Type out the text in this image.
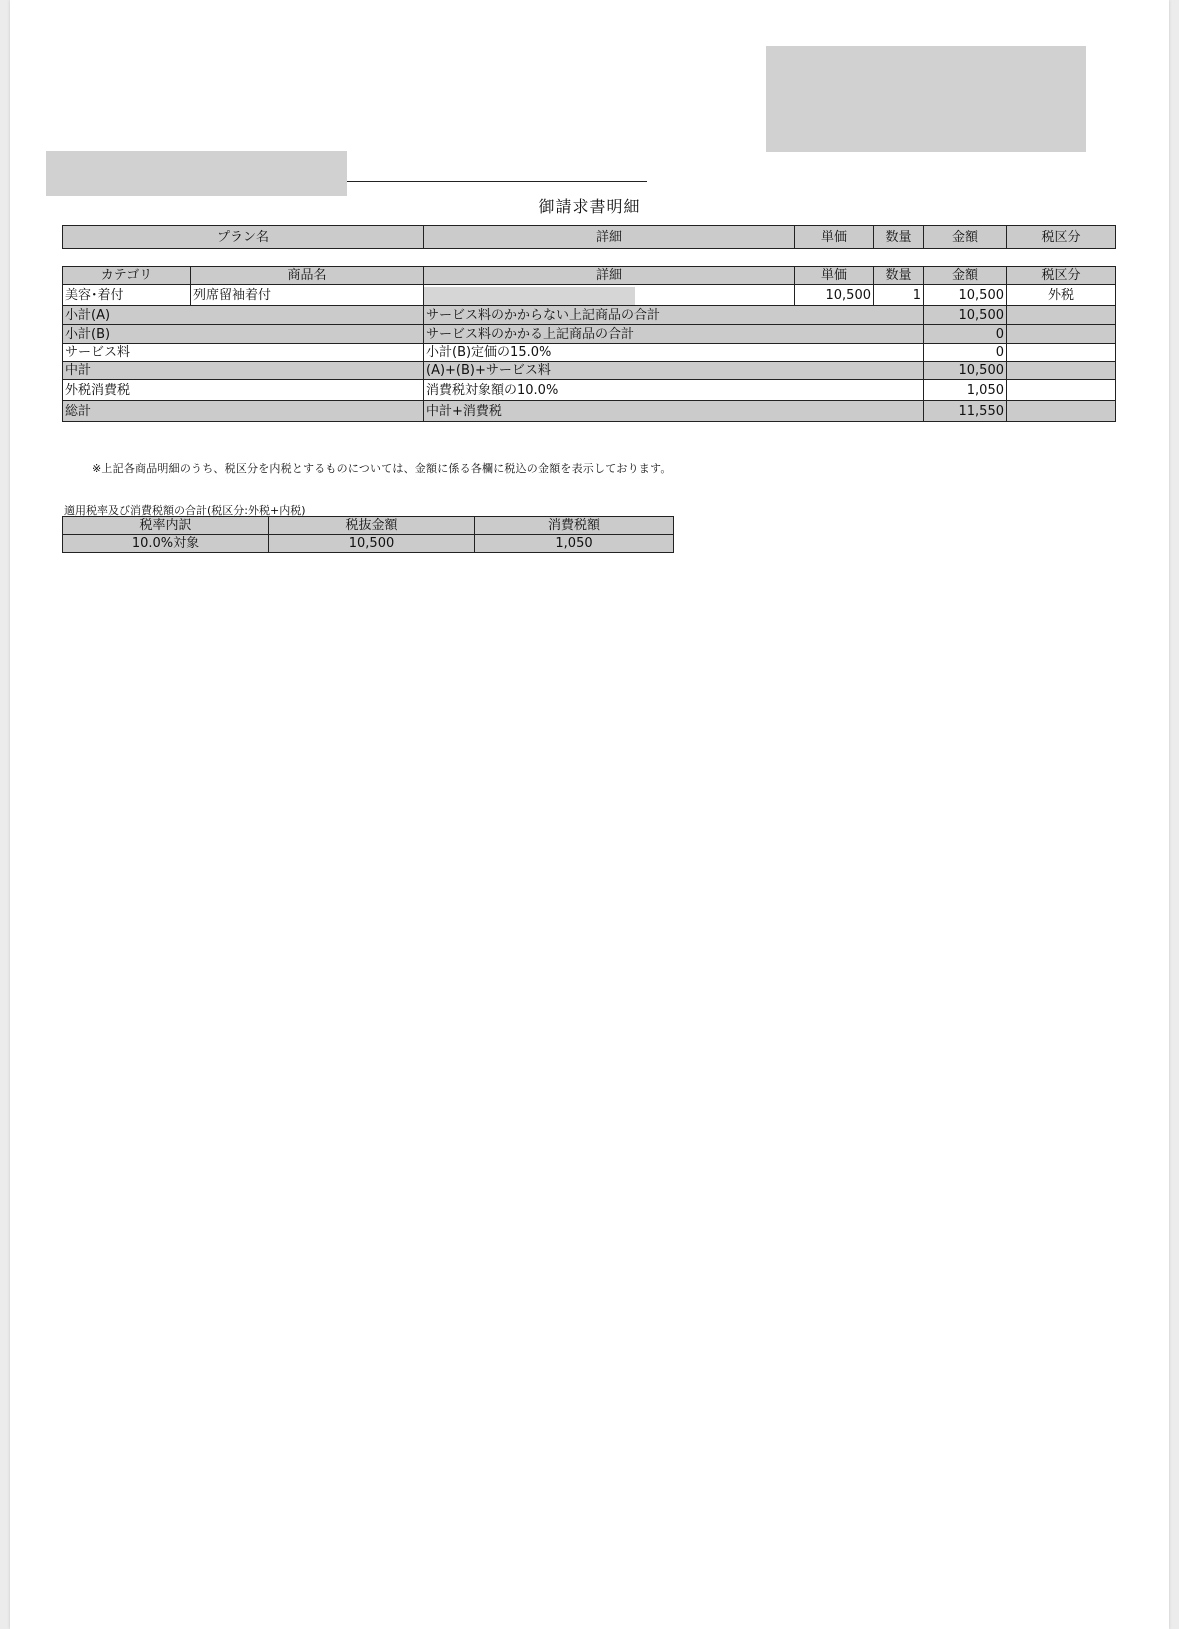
御請求書明細
プラン名	詳細	単価	数量	金額	税区分
カテゴリ	商品名	詳細	単価	数量	金額	税区分
美容･着付	列席留袖着付		10,500	1	10,500	外税
小計(A)		サービス料のかからない上記商品の合計			10,500	
小計(B)		サービス料のかかる上記商品の合計			0	
サービス料		小計(B)定価の15.0%			0	
中計		(A)+(B)+サービス料			10,500	
外税消費税		消費税対象額の10.0%			1,050	
総計		中計+消費税			11,550	
※上記各商品明細のうち、税区分を内税とするものについては、金額に係る各欄に税込の金額を表示しております。
適用税率及び消費税額の合計(税区分:外税+内税)
税率内訳	税抜金額	消費税額
10.0%対象	10,500	1,050
